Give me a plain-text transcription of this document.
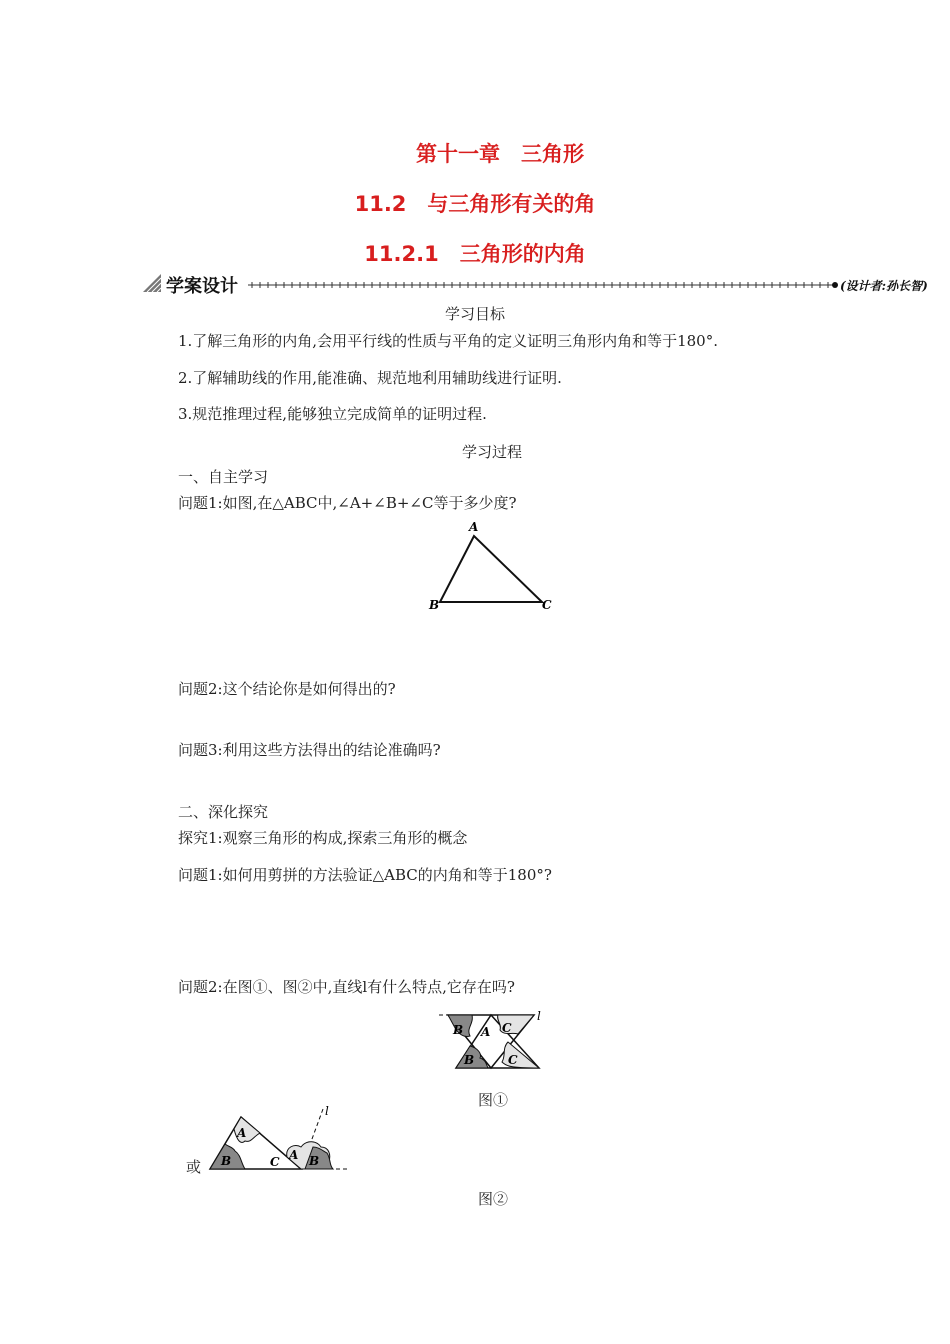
第十一章　三角形
11.2　与三角形有关的角
11.2.1　三角形的内角
学案设计	(设计者:孙长智)
学习目标
1.了解三角形的内角,会用平行线的性质与平角的定义证明三角形内角和等于180°.
2.了解辅助线的作用,能准确、规范地利用辅助线进行证明.
3.规范推理过程,能够独立完成简单的证明过程.
学习过程
一、自主学习
问题1:如图,在△ABC中,∠A+∠B+∠C等于多少度?
A
B	C
问题2:这个结论你是如何得出的?
问题3:利用这些方法得出的结论准确吗?
二、深化探究
探究1:观察三角形的构成,探索三角形的概念
问题1:如何用剪拼的方法验证△ABC的内角和等于180°?
问题2:在图①、图②中,直线l有什么特点,它存在吗?
l
B A C
B	C
图①
或
l
A
B	C A B
图②
